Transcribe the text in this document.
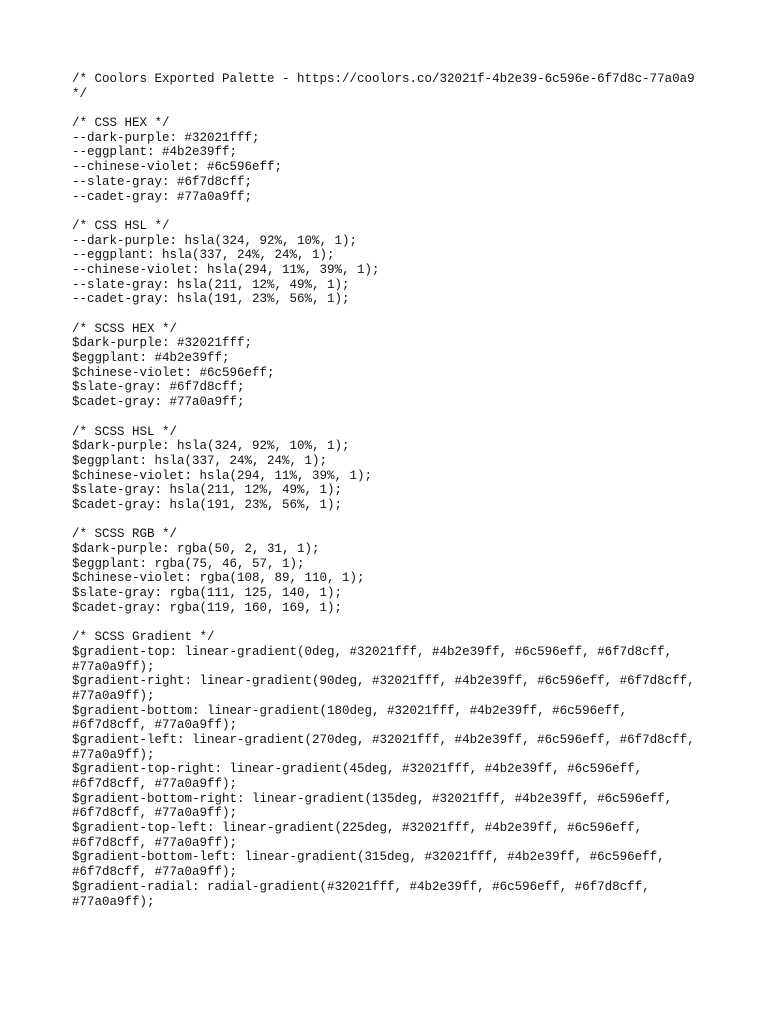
/* Coolors Exported Palette - https://coolors.co/32021f-4b2e39-6c596e-6f7d8c-77a0a9
*/
/* CSS HEX */
--dark-purple: #32021fff;
--eggplant: #4b2e39ff;
--chinese-violet: #6c596eff;
--slate-gray: #6f7d8cff;
--cadet-gray: #77a0a9ff;
/* CSS HSL */
--dark-purple: hsla(324, 92%, 10%, 1);
--eggplant: hsla(337, 24%, 24%, 1);
--chinese-violet: hsla(294, 11%, 39%, 1);
--slate-gray: hsla(211, 12%, 49%, 1);
--cadet-gray: hsla(191, 23%, 56%, 1);
/* SCSS HEX */
$dark-purple: #32021fff;
$eggplant: #4b2e39ff;
$chinese-violet: #6c596eff;
$slate-gray: #6f7d8cff;
$cadet-gray: #77a0a9ff;
/* SCSS HSL */
$dark-purple: hsla(324, 92%, 10%, 1);
$eggplant: hsla(337, 24%, 24%, 1);
$chinese-violet: hsla(294, 11%, 39%, 1);
$slate-gray: hsla(211, 12%, 49%, 1);
$cadet-gray: hsla(191, 23%, 56%, 1);
/* SCSS RGB */
$dark-purple: rgba(50, 2, 31, 1);
$eggplant: rgba(75, 46, 57, 1);
$chinese-violet: rgba(108, 89, 110, 1);
$slate-gray: rgba(111, 125, 140, 1);
$cadet-gray: rgba(119, 160, 169, 1);
/* SCSS Gradient */
$gradient-top: linear-gradient(0deg, #32021fff, #4b2e39ff, #6c596eff, #6f7d8cff,
#77a0a9ff);
$gradient-right: linear-gradient(90deg, #32021fff, #4b2e39ff, #6c596eff, #6f7d8cff,
#77a0a9ff);
$gradient-bottom: linear-gradient(180deg, #32021fff, #4b2e39ff, #6c596eff,
#6f7d8cff, #77a0a9ff);
$gradient-left: linear-gradient(270deg, #32021fff, #4b2e39ff, #6c596eff, #6f7d8cff,
#77a0a9ff);
$gradient-top-right: linear-gradient(45deg, #32021fff, #4b2e39ff, #6c596eff,
#6f7d8cff, #77a0a9ff);
$gradient-bottom-right: linear-gradient(135deg, #32021fff, #4b2e39ff, #6c596eff,
#6f7d8cff, #77a0a9ff);
$gradient-top-left: linear-gradient(225deg, #32021fff, #4b2e39ff, #6c596eff,
#6f7d8cff, #77a0a9ff);
$gradient-bottom-left: linear-gradient(315deg, #32021fff, #4b2e39ff, #6c596eff,
#6f7d8cff, #77a0a9ff);
$gradient-radial: radial-gradient(#32021fff, #4b2e39ff, #6c596eff, #6f7d8cff,
#77a0a9ff);
